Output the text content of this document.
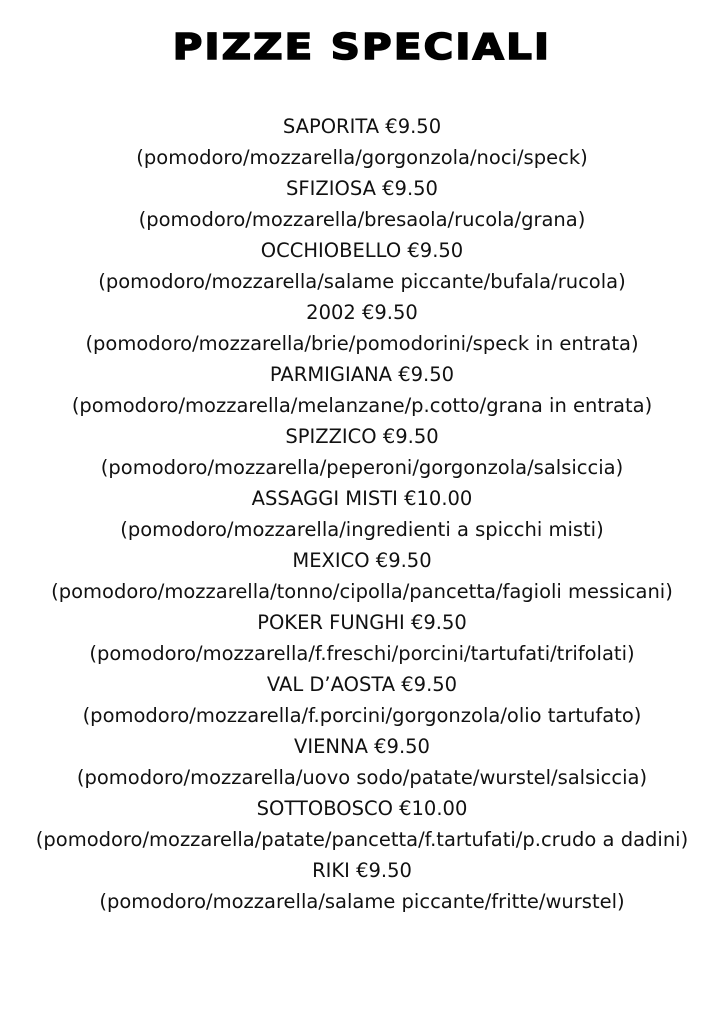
PIZZE SPECIALI
SAPORITA €9.50
(pomodoro/mozzarella/gorgonzola/noci/speck)
SFIZIOSA €9.50
(pomodoro/mozzarella/bresaola/rucola/grana)
OCCHIOBELLO €9.50
(pomodoro/mozzarella/salame piccante/bufala/rucola)
2002 €9.50
(pomodoro/mozzarella/brie/pomodorini/speck in entrata)
PARMIGIANA €9.50
(pomodoro/mozzarella/melanzane/p.cotto/grana in entrata)
SPIZZICO €9.50
(pomodoro/mozzarella/peperoni/gorgonzola/salsiccia)
ASSAGGI MISTI €10.00
(pomodoro/mozzarella/ingredienti a spicchi misti)
MEXICO €9.50
(pomodoro/mozzarella/tonno/cipolla/pancetta/fagioli messicani)
POKER FUNGHI €9.50
(pomodoro/mozzarella/f.freschi/porcini/tartufati/trifolati)
VAL D’AOSTA €9.50
(pomodoro/mozzarella/f.porcini/gorgonzola/olio tartufato)
VIENNA €9.50
(pomodoro/mozzarella/uovo sodo/patate/wurstel/salsiccia)
SOTTOBOSCO €10.00
(pomodoro/mozzarella/patate/pancetta/f.tartufati/p.crudo a dadini)
RIKI €9.50
(pomodoro/mozzarella/salame piccante/fritte/wurstel)
